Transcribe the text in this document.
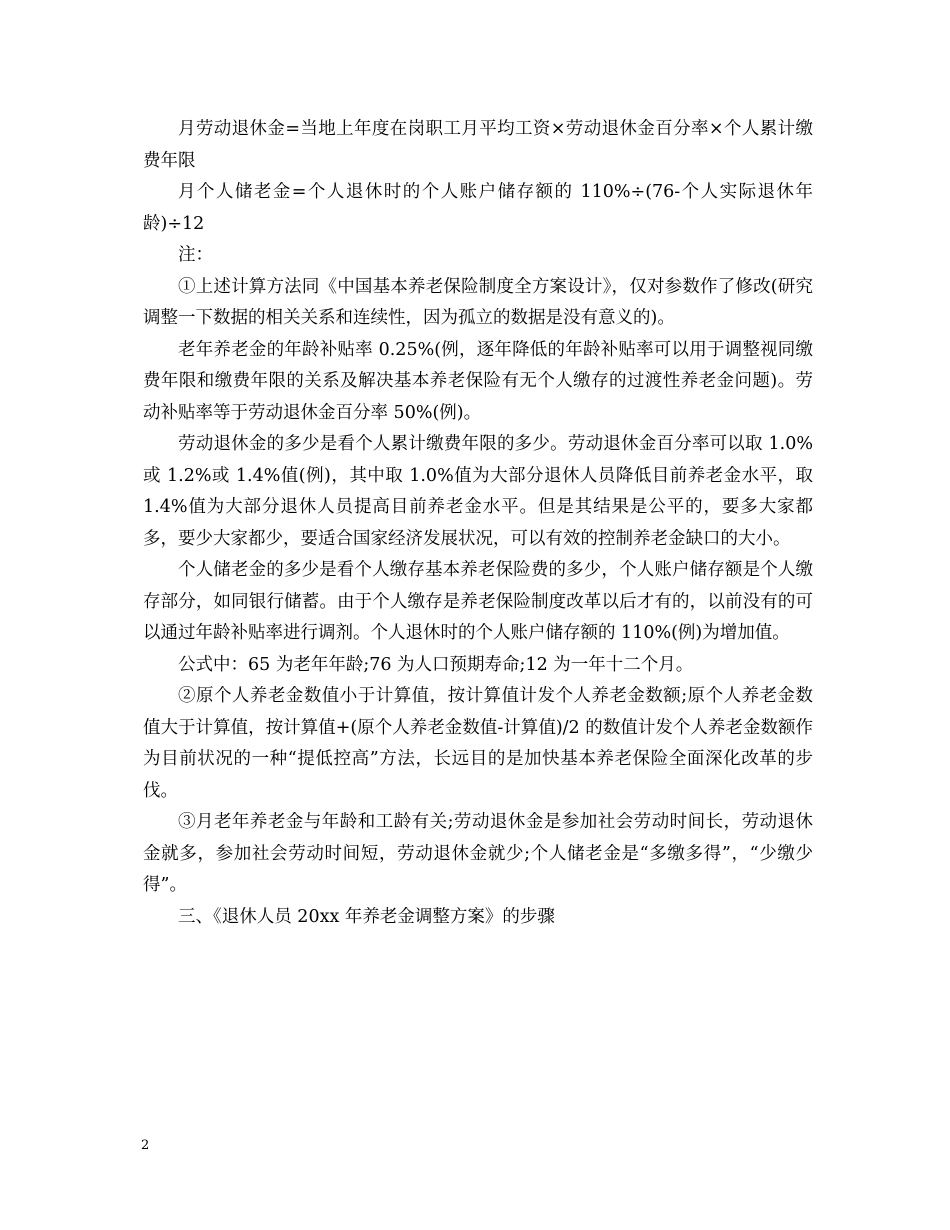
月劳动退休金=当地上年度在岗职工月平均工资×劳动退休金百分率×个人累计缴费年限

月个人储老金=个人退休时的个人账户储存额的 110%÷(76-个人实际退休年龄)÷12

注：

①上述计算方法同《中国基本养老保险制度全方案设计》，仅对参数作了修改(研究调整一下数据的相关关系和连续性，因为孤立的数据是没有意义的)。

老年养老金的年龄补贴率 0.25%(例，逐年降低的年龄补贴率可以用于调整视同缴费年限和缴费年限的关系及解决基本养老保险有无个人缴存的过渡性养老金问题)。劳动补贴率等于劳动退休金百分率 50%(例)。

劳动退休金的多少是看个人累计缴费年限的多少。劳动退休金百分率可以取 1.0%或 1.2%或 1.4%值(例)，其中取 1.0%值为大部分退休人员降低目前养老金水平，取 1.4%值为大部分退休人员提高目前养老金水平。但是其结果是公平的，要多大家都多，要少大家都少，要适合国家经济发展状况，可以有效的控制养老金缺口的大小。

个人储老金的多少是看个人缴存基本养老保险费的多少，个人账户储存额是个人缴存部分，如同银行储蓄。由于个人缴存是养老保险制度改革以后才有的，以前没有的可以通过年龄补贴率进行调剂。个人退休时的个人账户储存额的 110%(例)为增加值。

公式中：65 为老年年龄;76 为人口预期寿命;12 为一年十二个月。

②原个人养老金数值小于计算值，按计算值计发个人养老金数额;原个人养老金数值大于计算值，按计算值+(原个人养老金数值-计算值)/2 的数值计发个人养老金数额作为目前状况的一种“提低控高”方法，长远目的是加快基本养老保险全面深化改革的步伐。

③月老年养老金与年龄和工龄有关;劳动退休金是参加社会劳动时间长，劳动退休金就多，参加社会劳动时间短，劳动退休金就少;个人储老金是“多缴多得”，“少缴少得”。

三、《退休人员 20xx 年养老金调整方案》的步骤

2
